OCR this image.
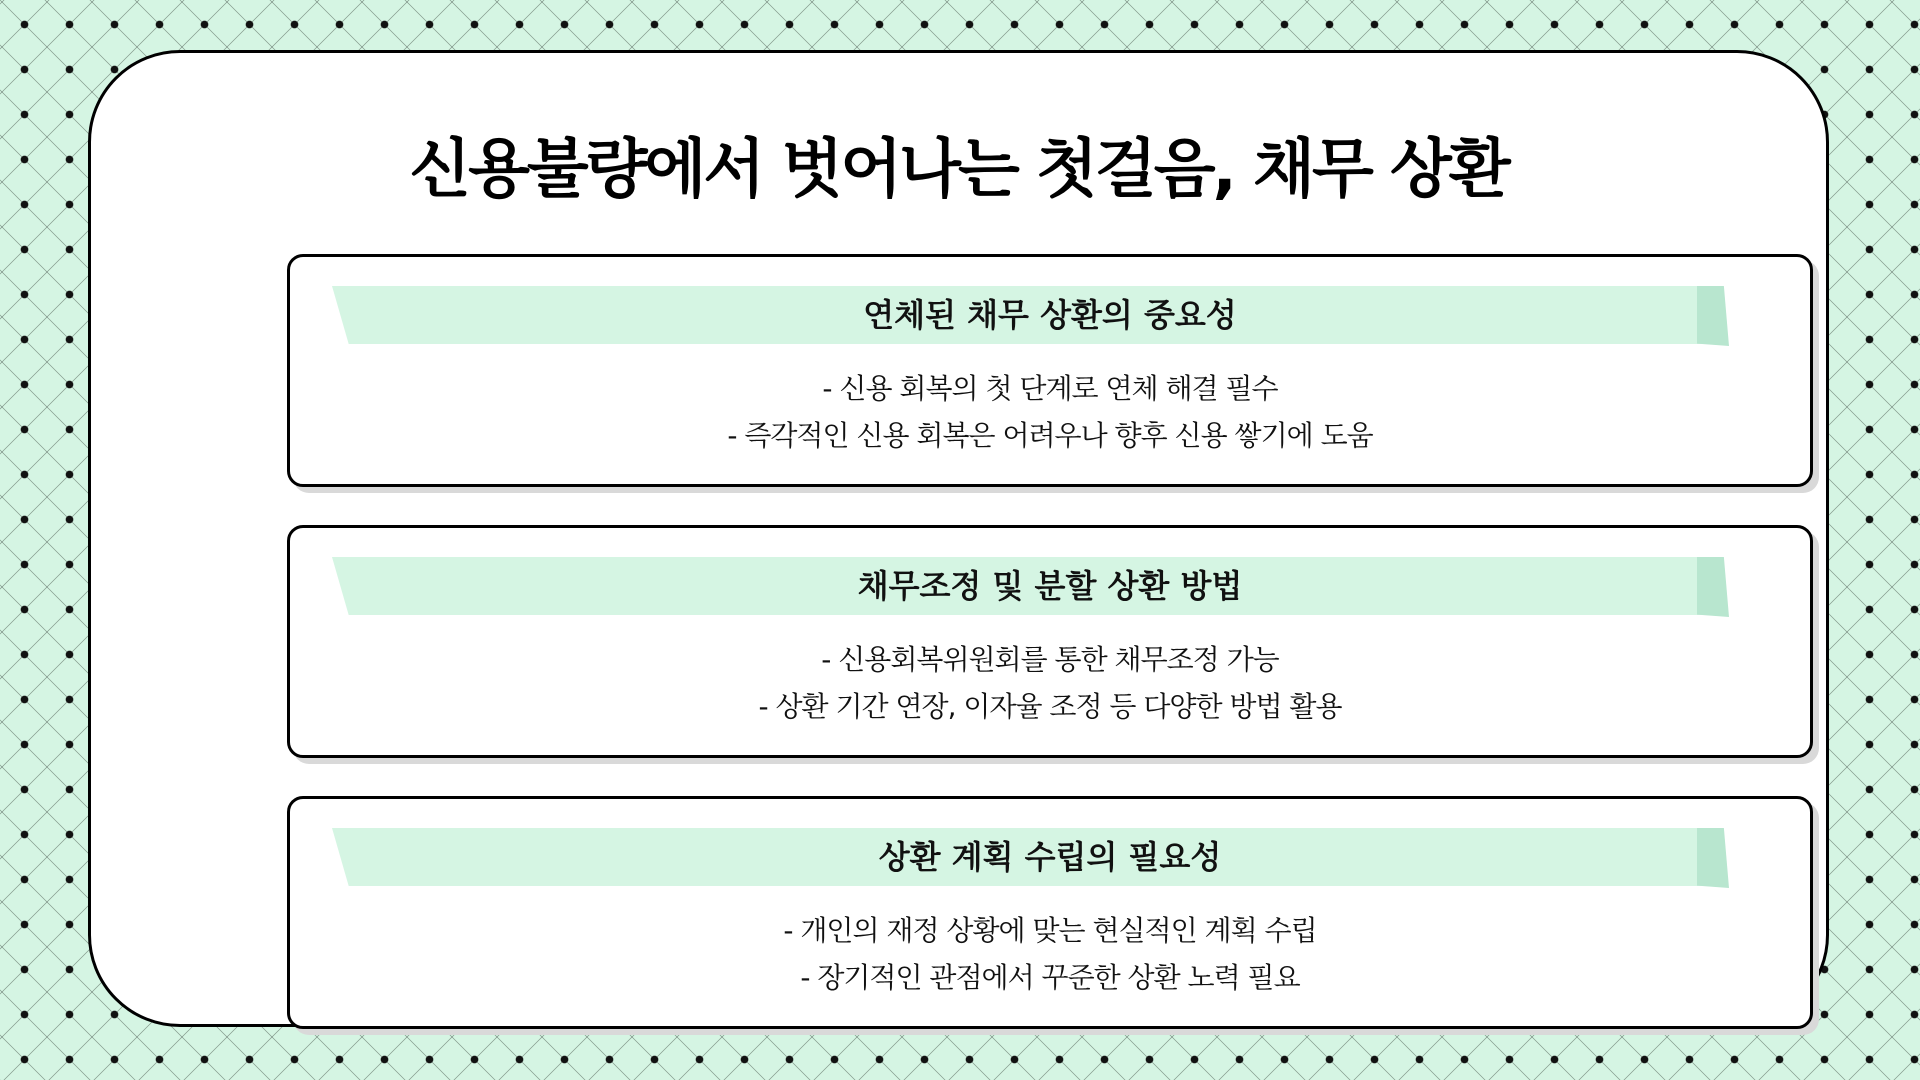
신용불량에서 벗어나는 첫걸음, 채무 상환
연체된 채무 상환의 중요성
- 신용 회복의 첫 단계로 연체 해결 필수
- 즉각적인 신용 회복은 어려우나 향후 신용 쌓기에 도움
채무조정 및 분할 상환 방법
- 신용회복위원회를 통한 채무조정 가능
- 상환 기간 연장, 이자율 조정 등 다양한 방법 활용
상환 계획 수립의 필요성
- 개인의 재정 상황에 맞는 현실적인 계획 수립
- 장기적인 관점에서 꾸준한 상환 노력 필요
